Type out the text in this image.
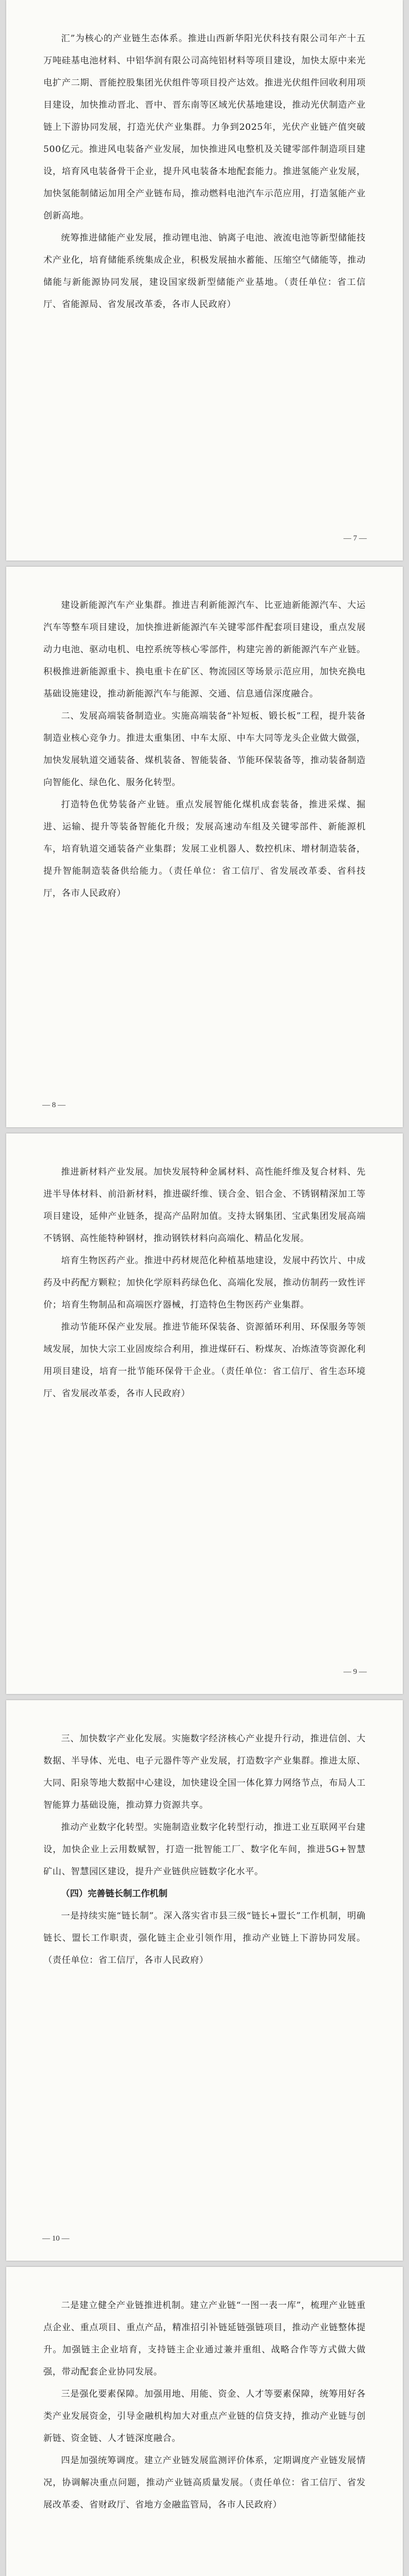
汇”为核心的产业链生态体系。推进山西新华阳光伏科技有限公司年产十五万吨硅基电池材料、中铝华润有限公司高纯铝材料等项目建设，加快太原中来光电扩产二期、晋能控股集团光伏组件等项目投产达效。推进光伏组件回收利用项目建设，加快推动晋北、晋中、晋东南等区域光伏基地建设，推动光伏制造产业链上下游协同发展，打造光伏产业集群。力争到2025年，光伏产业链产值突破500亿元。推进风电装备产业发展，加快推进风电整机及关键零部件制造项目建设，培育风电装备骨干企业，提升风电装备本地配套能力。推进氢能产业发展，加快氢能制储运加用全产业链布局，推动燃料电池汽车示范应用，打造氢能产业创新高地。

统筹推进储能产业发展，推动锂电池、钠离子电池、液流电池等新型储能技术产业化，培育储能系统集成企业，积极发展抽水蓄能、压缩空气储能等，推动储能与新能源协同发展，建设国家级新型储能产业基地。（责任单位：省工信厅、省能源局、省发展改革委，各市人民政府）

— 7 —

建设新能源汽车产业集群。推进吉利新能源汽车、比亚迪新能源汽车、大运汽车等整车项目建设，加快推进新能源汽车关键零部件配套项目建设，重点发展动力电池、驱动电机、电控系统等核心零部件，构建完善的新能源汽车产业链。积极推进新能源重卡、换电重卡在矿区、物流园区等场景示范应用，加快充换电基础设施建设，推动新能源汽车与能源、交通、信息通信深度融合。

二、发展高端装备制造业。实施高端装备“补短板、锻长板”工程，提升装备制造业核心竞争力。推进太重集团、中车太原、中车大同等龙头企业做大做强，加快发展轨道交通装备、煤机装备、智能装备、节能环保装备等，推动装备制造向智能化、绿色化、服务化转型。

打造特色优势装备产业链。重点发展智能化煤机成套装备，推进采煤、掘进、运输、提升等装备智能化升级；发展高速动车组及关键零部件、新能源机车，培育轨道交通装备产业集群；发展工业机器人、数控机床、增材制造装备，提升智能制造装备供给能力。（责任单位：省工信厅、省发展改革委、省科技厅，各市人民政府）

— 8 —

推进新材料产业发展。加快发展特种金属材料、高性能纤维及复合材料、先进半导体材料、前沿新材料，推进碳纤维、镁合金、铝合金、不锈钢精深加工等项目建设，延伸产业链条，提高产品附加值。支持太钢集团、宝武集团发展高端不锈钢、高性能特种钢材，推动钢铁材料向高端化、精品化发展。

培育生物医药产业。推进中药材规范化种植基地建设，发展中药饮片、中成药及中药配方颗粒；加快化学原料药绿色化、高端化发展，推动仿制药一致性评价；培育生物制品和高端医疗器械，打造特色生物医药产业集群。

推动节能环保产业发展。推进节能环保装备、资源循环利用、环保服务等领域发展，加快大宗工业固废综合利用，推进煤矸石、粉煤灰、冶炼渣等资源化利用项目建设，培育一批节能环保骨干企业。（责任单位：省工信厅、省生态环境厅、省发展改革委，各市人民政府）

— 9 —

三、加快数字产业化发展。实施数字经济核心产业提升行动，推进信创、大数据、半导体、光电、电子元器件等产业发展，打造数字产业集群。推进太原、大同、阳泉等地大数据中心建设，加快建设全国一体化算力网络节点，布局人工智能算力基础设施，推动算力资源共享。

推动产业数字化转型。实施制造业数字化转型行动，推进工业互联网平台建设，加快企业上云用数赋智，打造一批智能工厂、数字化车间，推进5G+智慧矿山、智慧园区建设，提升产业链供应链数字化水平。

（四）完善链长制工作机制

一是持续实施“链长制”。深入落实省市县三级“链长+盟长”工作机制，明确链长、盟长工作职责，强化链主企业引领作用，推动产业链上下游协同发展。（责任单位：省工信厅，各市人民政府）

— 10 —

二是建立健全产业链推进机制。建立产业链“一图一表一库”，梳理产业链重点企业、重点项目、重点产品，精准招引补链延链强链项目，推动产业链整体提升。加强链主企业培育，支持链主企业通过兼并重组、战略合作等方式做大做强，带动配套企业协同发展。

三是强化要素保障。加强用地、用能、资金、人才等要素保障，统筹用好各类产业发展资金，引导金融机构加大对重点产业链的信贷支持，推动产业链与创新链、资金链、人才链深度融合。

四是加强统筹调度。建立产业链发展监测评价体系，定期调度产业链发展情况，协调解决重点问题，推动产业链高质量发展。（责任单位：省工信厅、省发展改革委、省财政厅、省地方金融监管局，各市人民政府）
